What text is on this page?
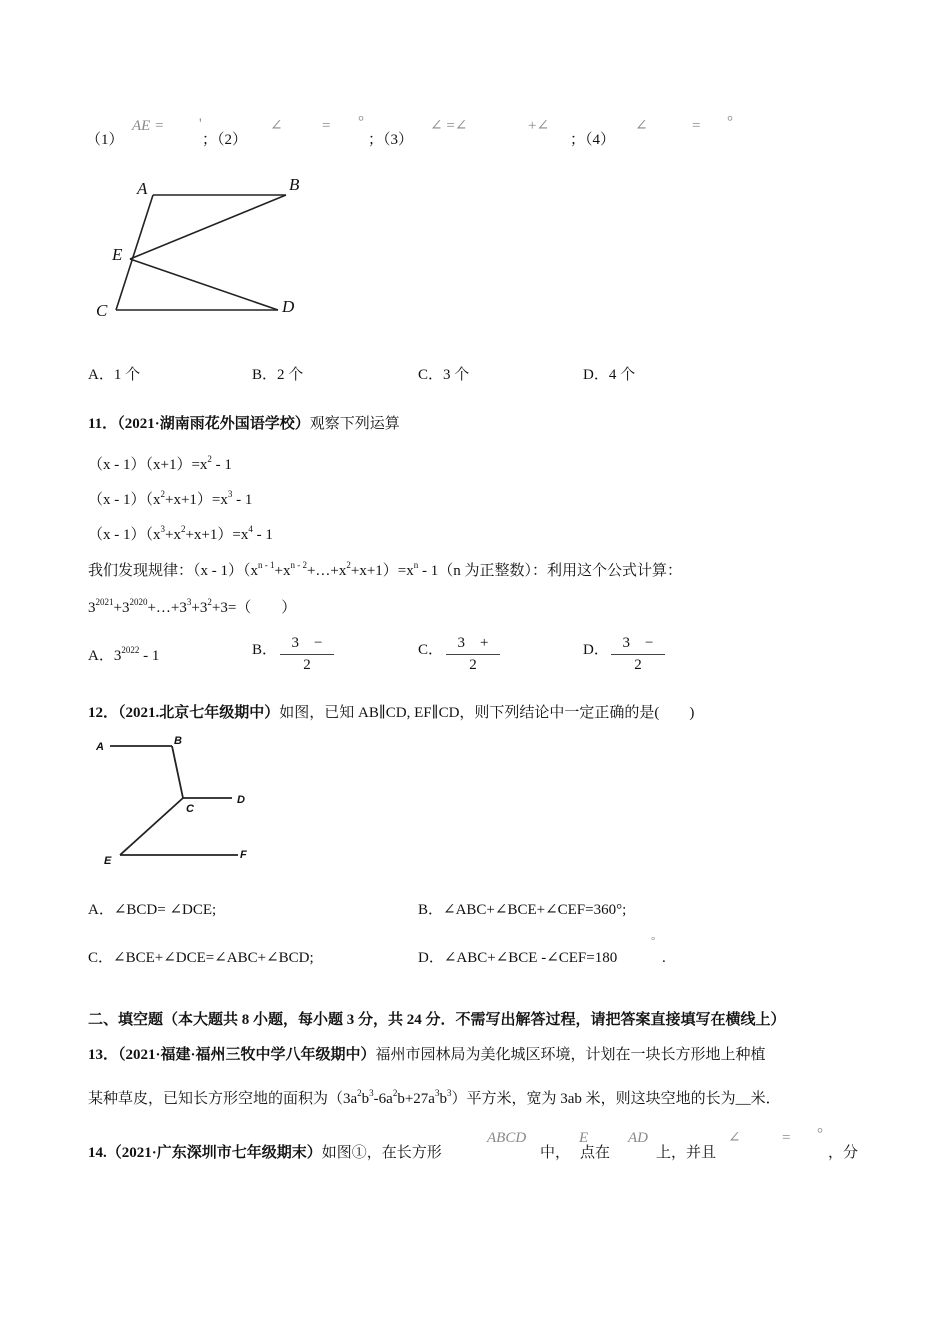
（1）
AE = '
；（2）
∠	= °
；（3）
∠ =∠	+∠
；（4）
∠	= °
A	B
E
C	D
A．1 个	B．2 个	C．3 个	D．4 个
11．（2021·湖南雨花外国语学校）观察下列运算
$(x - 1)(x+1)=x^2 - 1$
$(x - 1)(x^2+x+1)=x^3 - 1$
$(x - 1)(x^3+x^2+x+1)=x^4 - 1$
我们发现规律：$(x - 1)(x^{n - 1}+x^{n - 2}+\dots+x^2+x+1)=x^n - 1(n$ 为正整数）：利用这个公式计算：
$3^{2021}+3^{2020}+\dots+3^3+3^2+3=$（　　）
A．$3^{2022} - 1$	B． $\frac{3 -}{2}$	C． $\frac{3 +}{2}$	D． $\frac{3 -}{2}$
12．（2021.北京七年级期中）如图，已知 AB∥CD, EF∥CD，则下列结论中一定正确的是(　　)
A	B
C
D
E	F
A．∠BCD= ∠DCE;	B．∠ABC+∠BCE+∠CEF=360°;
C．∠BCE+∠DCE=∠ABC+∠BCD;	D．∠ABC+∠BCE -∠CEF=180
°
.
二、填空题（本大题共 8 小题，每小题 3 分，共 24 分．不需写出解答过程，请把答案直接填写在横线上）
13．（2021·福建·福州三牧中学八年级期中）福州市园林局为美化城区环境，计划在一块长方形地上种植
某种草皮，已知长方形空地的面积为$(3a^2b^3-6a^2b+27a^3b^3)$平方米，宽为 3ab 米，则这块空地的长为__米．
14.（2021·广东深圳市七年级期末）如图①，在长方形
ABCD
中，
E
点在
AD
上，并且
∠	= °
，分
